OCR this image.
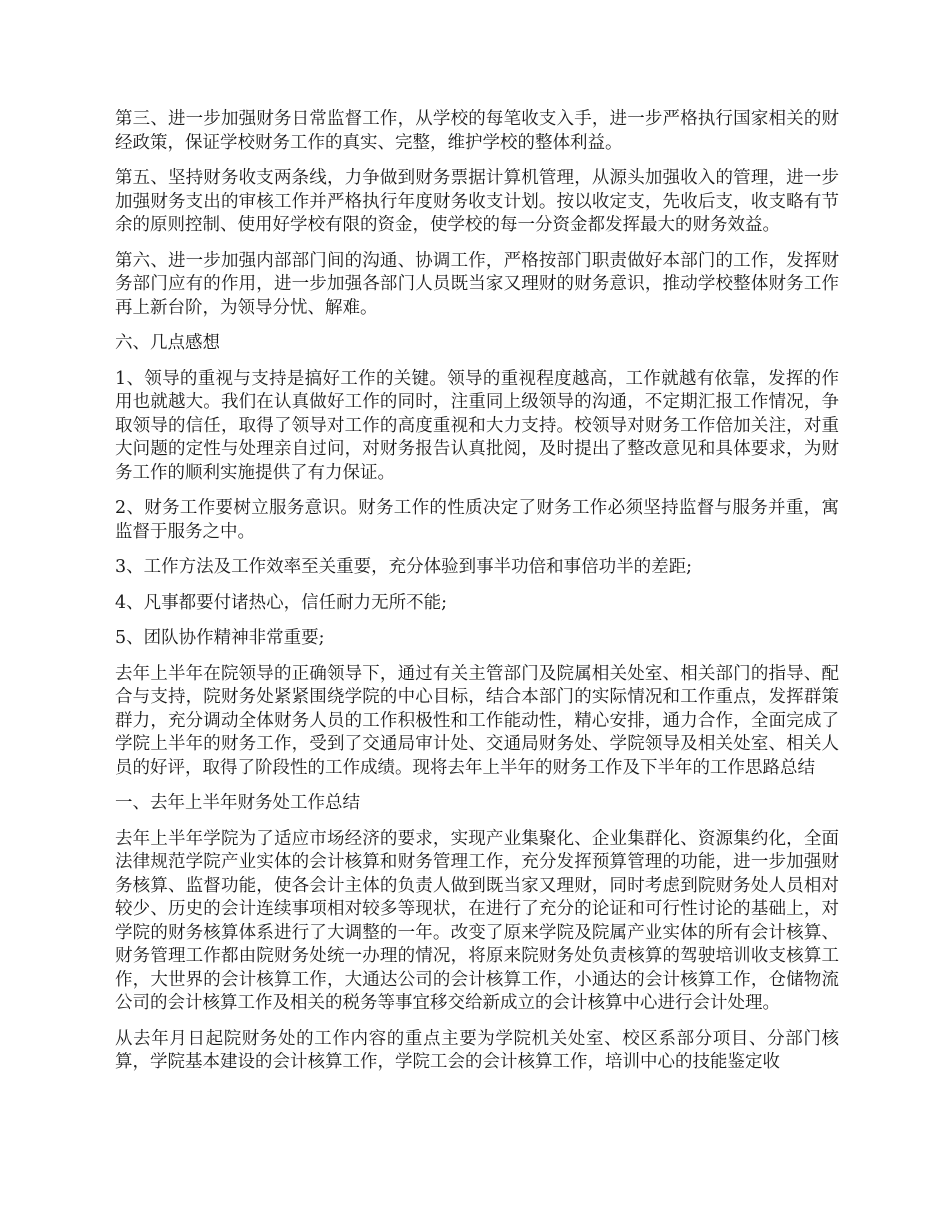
第三、进一步加强财务日常监督工作，从学校的每笔收支入手，进一步严格执行国家相关的财经政策，保证学校财务工作的真实、完整，维护学校的整体利益。

第五、坚持财务收支两条线，力争做到财务票据计算机管理，从源头加强收入的管理，进一步加强财务支出的审核工作并严格执行年度财务收支计划。按以收定支，先收后支，收支略有节余的原则控制、使用好学校有限的资金，使学校的每一分资金都发挥最大的财务效益。

第六、进一步加强内部部门间的沟通、协调工作，严格按部门职责做好本部门的工作，发挥财务部门应有的作用，进一步加强各部门人员既当家又理财的财务意识，推动学校整体财务工作再上新台阶，为领导分忧、解难。

六、几点感想

1、领导的重视与支持是搞好工作的关键。领导的重视程度越高，工作就越有依靠，发挥的作用也就越大。我们在认真做好工作的同时，注重同上级领导的沟通，不定期汇报工作情况，争取领导的信任，取得了领导对工作的高度重视和大力支持。校领导对财务工作倍加关注，对重大问题的定性与处理亲自过问，对财务报告认真批阅，及时提出了整改意见和具体要求，为财务工作的顺利实施提供了有力保证。

2、财务工作要树立服务意识。财务工作的性质决定了财务工作必须坚持监督与服务并重，寓监督于服务之中。

3、工作方法及工作效率至关重要，充分体验到事半功倍和事倍功半的差距;

4、凡事都要付诸热心，信任耐力无所不能;

5、团队协作精神非常重要;

去年上半年在院领导的正确领导下，通过有关主管部门及院属相关处室、相关部门的指导、配合与支持，院财务处紧紧围绕学院的中心目标，结合本部门的实际情况和工作重点，发挥群策群力，充分调动全体财务人员的工作积极性和工作能动性，精心安排，通力合作，全面完成了学院上半年的财务工作，受到了交通局审计处、交通局财务处、学院领导及相关处室、相关人员的好评，取得了阶段性的工作成绩。现将去年上半年的财务工作及下半年的工作思路总结

一、去年上半年财务处工作总结

去年上半年学院为了适应市场经济的要求，实现产业集聚化、企业集群化、资源集约化，全面法律规范学院产业实体的会计核算和财务管理工作，充分发挥预算管理的功能，进一步加强财务核算、监督功能，使各会计主体的负责人做到既当家又理财，同时考虑到院财务处人员相对较少、历史的会计连续事项相对较多等现状，在进行了充分的论证和可行性讨论的基础上，对学院的财务核算体系进行了大调整的一年。改变了原来学院及院属产业实体的所有会计核算、财务管理工作都由院财务处统一办理的情况，将原来院财务处负责核算的驾驶培训收支核算工作，大世界的会计核算工作，大通达公司的会计核算工作，小通达的会计核算工作，仓储物流公司的会计核算工作及相关的税务等事宜移交给新成立的会计核算中心进行会计处理。

从去年月日起院财务处的工作内容的重点主要为学院机关处室、校区系部分项目、分部门核算，学院基本建设的会计核算工作，学院工会的会计核算工作，培训中心的技能鉴定收
